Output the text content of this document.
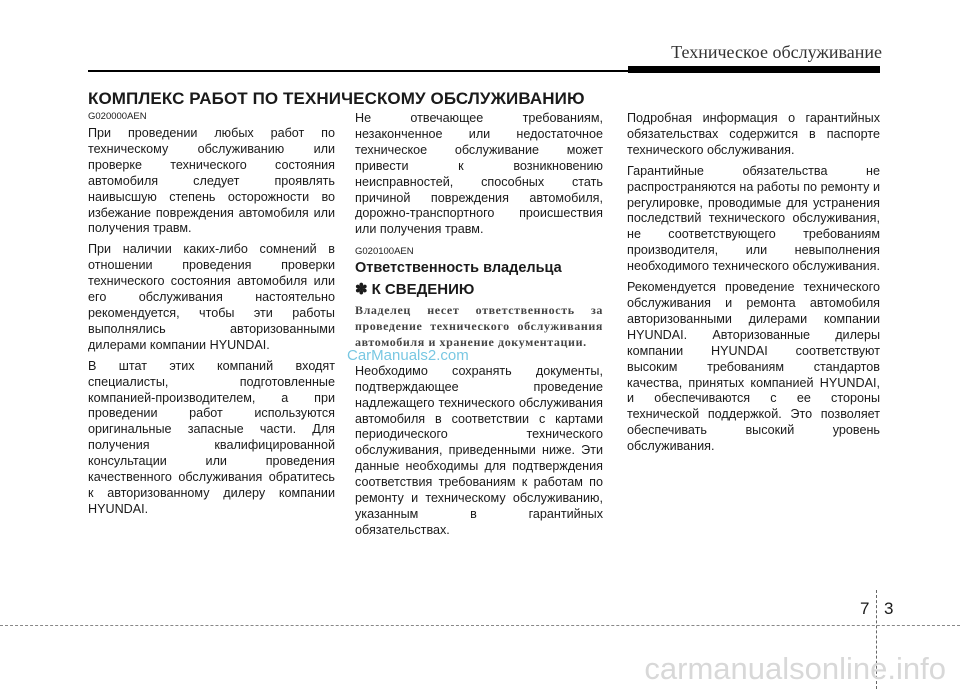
Техническое обслуживание
КОМПЛЕКС РАБОТ ПО ТЕХНИЧЕСКОМУ ОБСЛУЖИВАНИЮ

G020000AEN

При проведении любых работ по техническому обслуживанию или проверке технического состояния автомобиля следует проявлять наивысшую степень осторожности во избежание повреждения автомобиля или получения травм.

При наличии каких-либо сомнений в отношении проведения проверки технического состояния автомобиля или его обслуживания настоятельно рекомендуется, чтобы эти работы выполнялись авторизованными дилерами компании HYUNDAI.

В штат этих компаний входят специалисты, подготовленные компанией-производителем, а при проведении работ используются оригинальные запасные части. Для получения квалифицированной консультации или проведения качественного обслуживания обратитесь к авторизованному дилеру компании HYUNDAI.

Не отвечающее требованиям, незаконченное или недостаточное техническое обслуживание может привести к возникновению неисправностей, способных стать причиной повреждения автомобиля, дорожно-транспортного происшествия или получения травм.

G020100AEN

Ответственность владельца

✽ К СВЕДЕНИЮ

Владелец несет ответственность за проведение технического обслуживания автомобиля и хранение документации.

Необходимо сохранять документы, подтверждающее проведение надлежащего технического обслуживания автомобиля в соответствии с картами периодического технического обслуживания, приведенными ниже. Эти данные необходимы для подтверждения соответствия требованиям к работам по ремонту и техническому обслуживанию, указанным в гарантийных обязательствах.

Подробная информация о гарантийных обязательствах содержится в паспорте технического обслуживания.

Гарантийные обязательства не распространяются на работы по ремонту и регулировке, проводимые для устранения последствий технического обслуживания, не соответствующего требованиям производителя, или невыполнения необходимого технического обслуживания.

Рекомендуется проведение технического обслуживания и ремонта автомобиля авторизованными дилерами компании HYUNDAI. Авторизованные дилеры компании HYUNDAI соответствуют высоким требованиям стандартов качества, принятых компанией HYUNDAI, и обеспечиваются с ее стороны технической поддержкой. Это позволяет обеспечивать высокий уровень обслуживания.

CarManuals2.com
7 3
carmanualsonline.info
